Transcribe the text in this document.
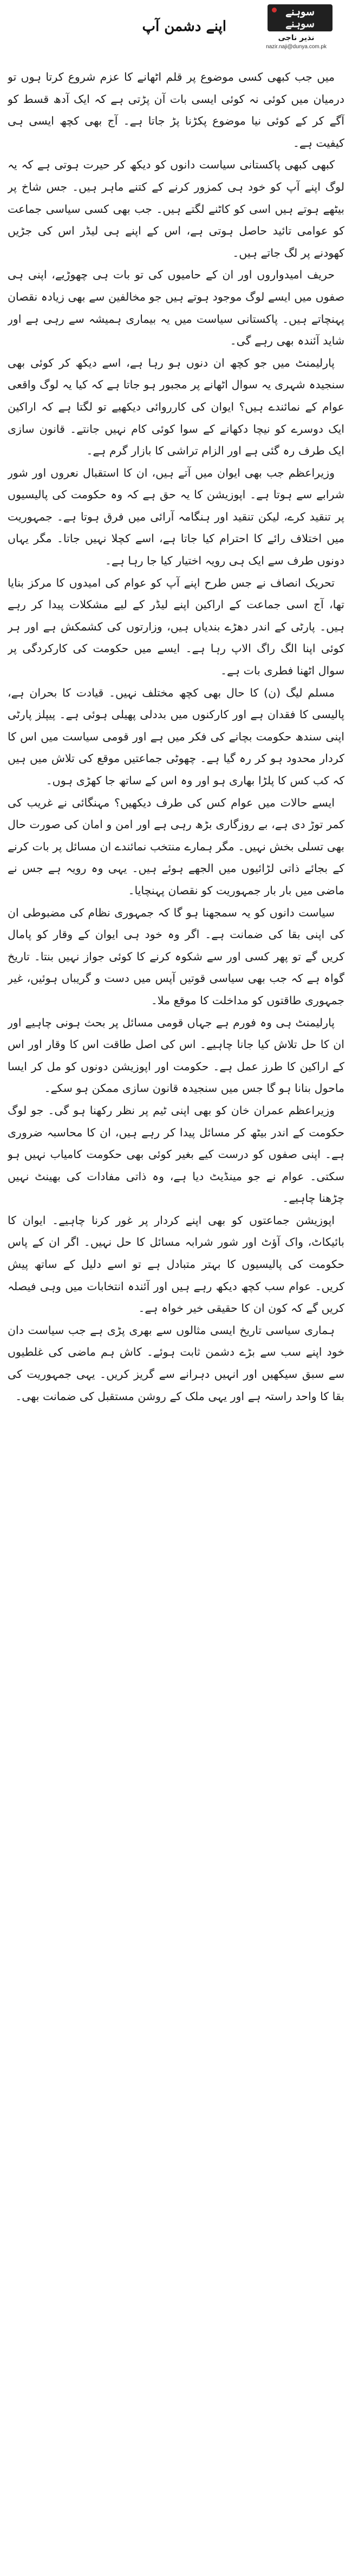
سوہنے
سوہنے
اپنے دشمن آپ
نذیر ناجی
nazir.naji@dunya.com.pk

میں جب کبھی کسی موضوع پر قلم اٹھانے کا عزم شروع کرتا ہوں تو درمیان میں کوئی نہ کوئی ایسی بات آن پڑتی ہے کہ ایک آدھ قسط کو آگے کر کے کوئی نیا موضوع پکڑنا پڑ جاتا ہے۔ آج بھی کچھ ایسی ہی کیفیت ہے۔

کبھی کبھی پاکستانی سیاست دانوں کو دیکھ کر حیرت ہوتی ہے کہ یہ لوگ اپنے آپ کو خود ہی کمزور کرنے کے کتنے ماہر ہیں۔ جس شاخ پر بیٹھے ہوتے ہیں اسی کو کاٹنے لگتے ہیں۔ جب بھی کسی سیاسی جماعت کو عوامی تائید حاصل ہوتی ہے، اس کے اپنے ہی لیڈر اس کی جڑیں کھودنے پر لگ جاتے ہیں۔

حریف امیدواروں اور ان کے حامیوں کی تو بات ہی چھوڑیے، اپنی ہی صفوں میں ایسے لوگ موجود ہوتے ہیں جو مخالفین سے بھی زیادہ نقصان پہنچاتے ہیں۔ پاکستانی سیاست میں یہ بیماری ہمیشہ سے رہی ہے اور شاید آئندہ بھی رہے گی۔

پارلیمنٹ میں جو کچھ ان دنوں ہو رہا ہے، اسے دیکھ کر کوئی بھی سنجیدہ شہری یہ سوال اٹھانے پر مجبور ہو جاتا ہے کہ کیا یہ لوگ واقعی عوام کے نمائندے ہیں؟ ایوان کی کارروائی دیکھیے تو لگتا ہے کہ اراکین ایک دوسرے کو نیچا دکھانے کے سوا کوئی کام نہیں جانتے۔ قانون سازی ایک طرف رہ گئی ہے اور الزام تراشی کا بازار گرم ہے۔

وزیراعظم جب بھی ایوان میں آتے ہیں، ان کا استقبال نعروں اور شور شرابے سے ہوتا ہے۔ اپوزیشن کا یہ حق ہے کہ وہ حکومت کی پالیسیوں پر تنقید کرے، لیکن تنقید اور ہنگامہ آرائی میں فرق ہوتا ہے۔ جمہوریت میں اختلاف رائے کا احترام کیا جاتا ہے، اسے کچلا نہیں جاتا۔ مگر یہاں دونوں طرف سے ایک ہی رویہ اختیار کیا جا رہا ہے۔

تحریک انصاف نے جس طرح اپنے آپ کو عوام کی امیدوں کا مرکز بنایا تھا، آج اسی جماعت کے اراکین اپنے لیڈر کے لیے مشکلات پیدا کر رہے ہیں۔ پارٹی کے اندر دھڑے بندیاں ہیں، وزارتوں کی کشمکش ہے اور ہر کوئی اپنا الگ راگ الاپ رہا ہے۔ ایسے میں حکومت کی کارکردگی پر سوال اٹھنا فطری بات ہے۔

مسلم لیگ (ن) کا حال بھی کچھ مختلف نہیں۔ قیادت کا بحران ہے، پالیسی کا فقدان ہے اور کارکنوں میں بددلی پھیلی ہوئی ہے۔ پیپلز پارٹی اپنی سندھ حکومت بچانے کی فکر میں ہے اور قومی سیاست میں اس کا کردار محدود ہو کر رہ گیا ہے۔ چھوٹی جماعتیں موقع کی تلاش میں ہیں کہ کب کس کا پلڑا بھاری ہو اور وہ اس کے ساتھ جا کھڑی ہوں۔

ایسے حالات میں عوام کس کی طرف دیکھیں؟ مہنگائی نے غریب کی کمر توڑ دی ہے، بے روزگاری بڑھ رہی ہے اور امن و امان کی صورت حال بھی تسلی بخش نہیں۔ مگر ہمارے منتخب نمائندے ان مسائل پر بات کرنے کے بجائے ذاتی لڑائیوں میں الجھے ہوئے ہیں۔ یہی وہ رویہ ہے جس نے ماضی میں بار بار جمہوریت کو نقصان پہنچایا۔

سیاست دانوں کو یہ سمجھنا ہو گا کہ جمہوری نظام کی مضبوطی ان کی اپنی بقا کی ضمانت ہے۔ اگر وہ خود ہی ایوان کے وقار کو پامال کریں گے تو پھر کسی اور سے شکوہ کرنے کا کوئی جواز نہیں بنتا۔ تاریخ گواہ ہے کہ جب بھی سیاسی قوتیں آپس میں دست و گریباں ہوئیں، غیر جمہوری طاقتوں کو مداخلت کا موقع ملا۔

پارلیمنٹ ہی وہ فورم ہے جہاں قومی مسائل پر بحث ہونی چاہیے اور ان کا حل تلاش کیا جانا چاہیے۔ اس کی اصل طاقت اس کا وقار اور اس کے اراکین کا طرز عمل ہے۔ حکومت اور اپوزیشن دونوں کو مل کر ایسا ماحول بنانا ہو گا جس میں سنجیدہ قانون سازی ممکن ہو سکے۔

وزیراعظم عمران خان کو بھی اپنی ٹیم پر نظر رکھنا ہو گی۔ جو لوگ حکومت کے اندر بیٹھ کر مسائل پیدا کر رہے ہیں، ان کا محاسبہ ضروری ہے۔ اپنی صفوں کو درست کیے بغیر کوئی بھی حکومت کامیاب نہیں ہو سکتی۔ عوام نے جو مینڈیٹ دیا ہے، وہ ذاتی مفادات کی بھینٹ نہیں چڑھنا چاہیے۔

اپوزیشن جماعتوں کو بھی اپنے کردار پر غور کرنا چاہیے۔ ایوان کا بائیکاٹ، واک آؤٹ اور شور شرابہ مسائل کا حل نہیں۔ اگر ان کے پاس حکومت کی پالیسیوں کا بہتر متبادل ہے تو اسے دلیل کے ساتھ پیش کریں۔ عوام سب کچھ دیکھ رہے ہیں اور آئندہ انتخابات میں وہی فیصلہ کریں گے کہ کون ان کا حقیقی خیر خواہ ہے۔

ہماری سیاسی تاریخ ایسی مثالوں سے بھری پڑی ہے جب سیاست دان خود اپنے سب سے بڑے دشمن ثابت ہوئے۔ کاش ہم ماضی کی غلطیوں سے سبق سیکھیں اور انہیں دہرانے سے گریز کریں۔ یہی جمہوریت کی بقا کا واحد راستہ ہے اور یہی ملک کے روشن مستقبل کی ضمانت بھی۔
